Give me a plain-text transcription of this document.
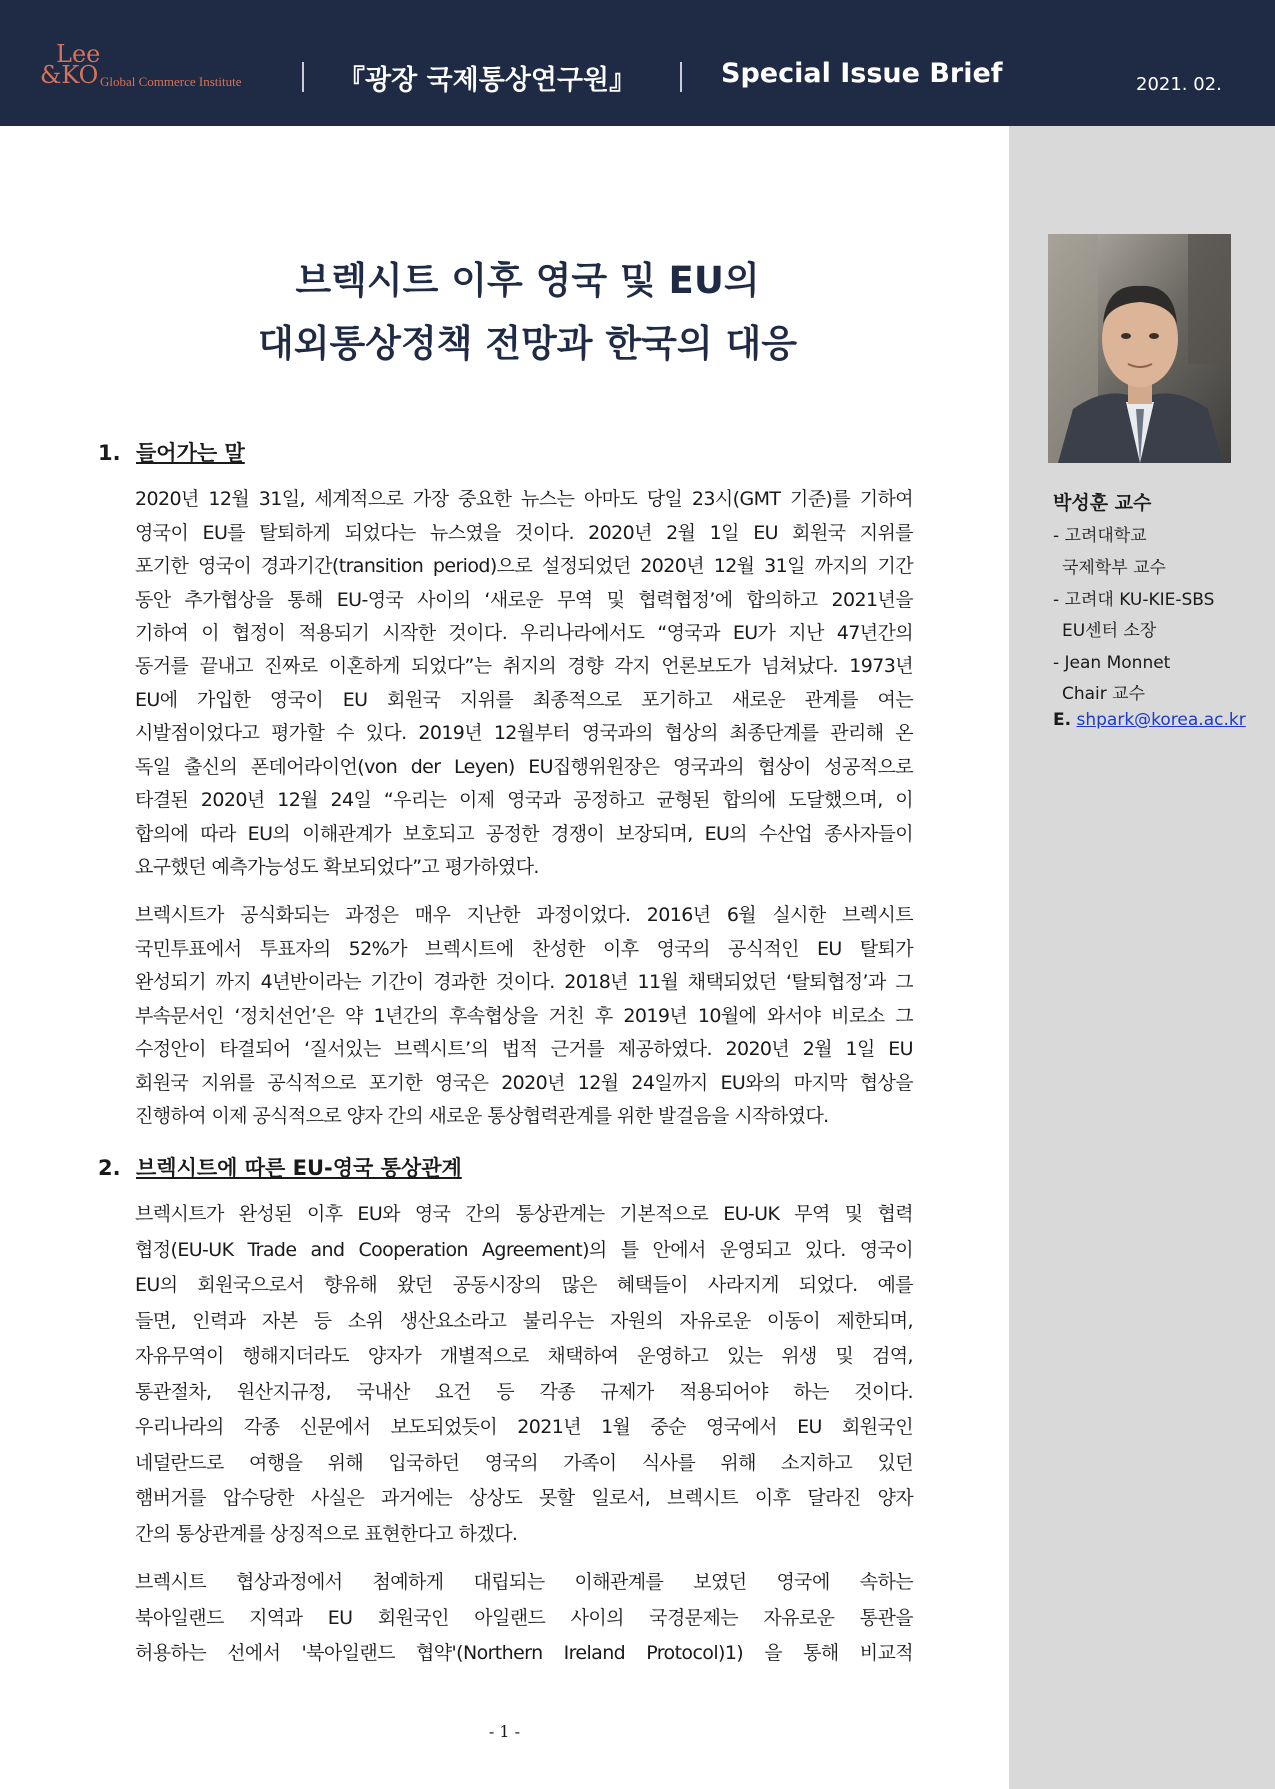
Lee
&KO Global Commerce Institute	『광장 국제통상연구원』	Special Issue Brief	2021. 02.
박성훈 교수
- 고려대학교
국제학부 교수
- 고려대 KU-KIE-SBS
EU센터 소장
- Jean Monnet
Chair 교수
E. shpark@korea.ac.kr
브렉시트 이후 영국 및 EU의
대외통상정책 전망과 한국의 대응
1. 들어가는 말
2020년 12월 31일, 세계적으로 가장 중요한 뉴스는 아마도 당일 23시(GMT 기준)를 기하여
영국이 EU를 탈퇴하게 되었다는 뉴스였을 것이다. 2020년 2월 1일 EU 회원국 지위를
포기한 영국이 경과기간(transition period)으로 설정되었던 2020년 12월 31일 까지의 기간
동안 추가협상을 통해 EU-영국 사이의 ‘새로운 무역 및 협력협정’에 합의하고 2021년을
기하여 이 협정이 적용되기 시작한 것이다. 우리나라에서도 “영국과 EU가 지난 47년간의
동거를 끝내고 진짜로 이혼하게 되었다”는 취지의 경향 각지 언론보도가 넘쳐났다. 1973년
EU에 가입한 영국이 EU 회원국 지위를 최종적으로 포기하고 새로운 관계를 여는
시발점이었다고 평가할 수 있다. 2019년 12월부터 영국과의 협상의 최종단계를 관리해 온
독일 출신의 폰데어라이언(von der Leyen) EU집행위원장은 영국과의 협상이 성공적으로
타결된 2020년 12월 24일 “우리는 이제 영국과 공정하고 균형된 합의에 도달했으며, 이
합의에 따라 EU의 이해관계가 보호되고 공정한 경쟁이 보장되며, EU의 수산업 종사자들이
요구했던 예측가능성도 확보되었다”고 평가하였다.
브렉시트가 공식화되는 과정은 매우 지난한 과정이었다. 2016년 6월 실시한 브렉시트
국민투표에서 투표자의 52%가 브렉시트에 찬성한 이후 영국의 공식적인 EU 탈퇴가
완성되기 까지 4년반이라는 기간이 경과한 것이다. 2018년 11월 채택되었던 ‘탈퇴협정’과 그
부속문서인 ‘정치선언’은 약 1년간의 후속협상을 거친 후 2019년 10월에 와서야 비로소 그
수정안이 타결되어 ‘질서있는 브렉시트’의 법적 근거를 제공하였다. 2020년 2월 1일 EU
회원국 지위를 공식적으로 포기한 영국은 2020년 12월 24일까지 EU와의 마지막 협상을
진행하여 이제 공식적으로 양자 간의 새로운 통상협력관계를 위한 발걸음을 시작하였다.
2. 브렉시트에 따른 EU-영국 통상관계
브렉시트가 완성된 이후 EU와 영국 간의 통상관계는 기본적으로 EU-UK 무역 및 협력
협정(EU-UK Trade and Cooperation Agreement)의 틀 안에서 운영되고 있다. 영국이
EU의 회원국으로서 향유해 왔던 공동시장의 많은 혜택들이 사라지게 되었다. 예를
들면, 인력과 자본 등 소위 생산요소라고 불리우는 자원의 자유로운 이동이 제한되며,
자유무역이 행해지더라도 양자가 개별적으로 채택하여 운영하고 있는 위생 및 검역,
통관절차, 원산지규정, 국내산 요건 등 각종 규제가 적용되어야 하는 것이다.
우리나라의 각종 신문에서 보도되었듯이 2021년 1월 중순 영국에서 EU 회원국인
네덜란드로 여행을 위해 입국하던 영국의 가족이 식사를 위해 소지하고 있던
햄버거를 압수당한 사실은 과거에는 상상도 못할 일로서, 브렉시트 이후 달라진 양자
간의 통상관계를 상징적으로 표현한다고 하겠다.
브렉시트 협상과정에서 첨예하게 대립되는 이해관계를 보였던 영국에 속하는
북아일랜드 지역과 EU 회원국인 아일랜드 사이의 국경문제는 자유로운 통관을
허용하는 선에서 '북아일랜드 협약'(Northern Ireland Protocol)1) 을 통해 비교적
- 1 -
